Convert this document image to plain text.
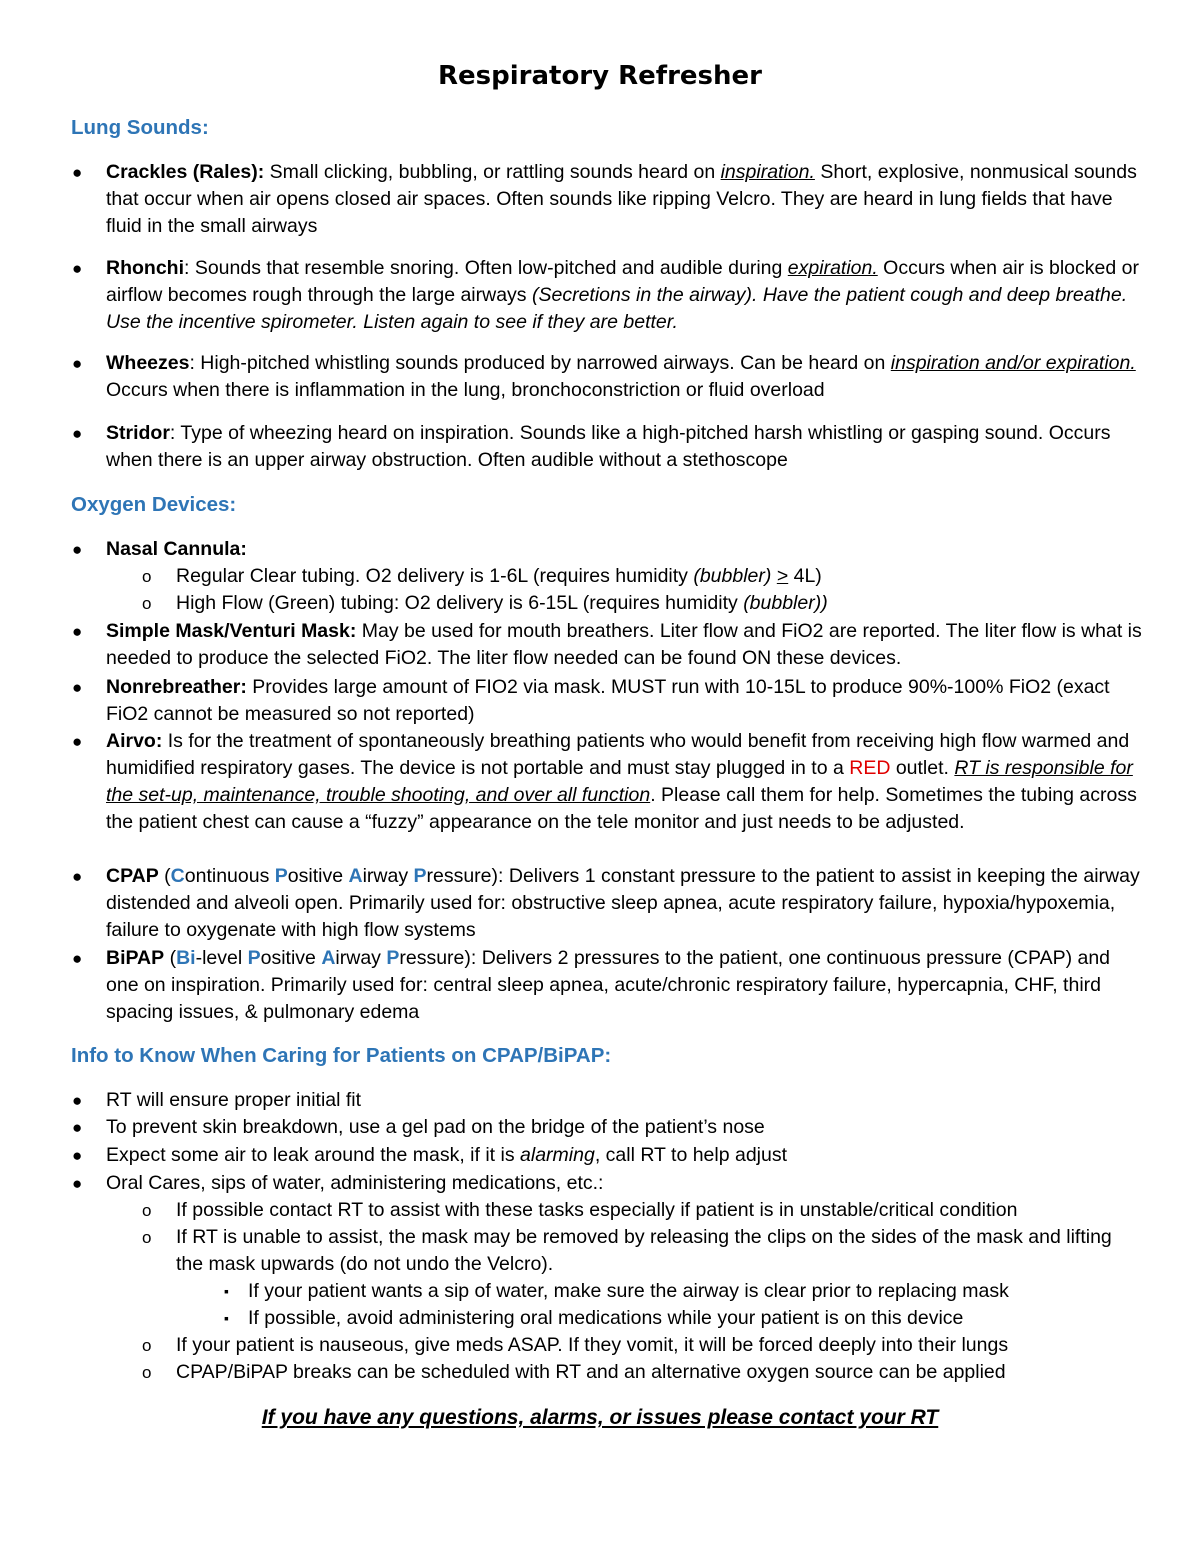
Respiratory Refresher
Lung Sounds:
● Crackles (Rales): Small clicking, bubbling, or rattling sounds heard on inspiration. Short, explosive, nonmusical sounds that occur when air opens closed air spaces. Often sounds like ripping Velcro. They are heard in lung fields that have fluid in the small airways
● Rhonchi: Sounds that resemble snoring. Often low-pitched and audible during expiration. Occurs when air is blocked or airflow becomes rough through the large airways (Secretions in the airway). Have the patient cough and deep breathe. Use the incentive spirometer. Listen again to see if they are better.
● Wheezes: High-pitched whistling sounds produced by narrowed airways. Can be heard on inspiration and/or expiration. Occurs when there is inflammation in the lung, bronchoconstriction or fluid overload
● Stridor: Type of wheezing heard on inspiration. Sounds like a high-pitched harsh whistling or gasping sound. Occurs when there is an upper airway obstruction. Often audible without a stethoscope
Oxygen Devices:
● Nasal Cannula:
o Regular Clear tubing. O2 delivery is 1-6L (requires humidity (bubbler) > 4L)
o High Flow (Green) tubing: O2 delivery is 6-15L (requires humidity (bubbler))
● Simple Mask/Venturi Mask: May be used for mouth breathers. Liter flow and FiO2 are reported. The liter flow is what is needed to produce the selected FiO2. The liter flow needed can be found ON these devices.
● Nonrebreather: Provides large amount of FIO2 via mask. MUST run with 10-15L to produce 90%-100% FiO2 (exact FiO2 cannot be measured so not reported)
● Airvo: Is for the treatment of spontaneously breathing patients who would benefit from receiving high flow warmed and humidified respiratory gases. The device is not portable and must stay plugged in to a RED outlet. RT is responsible for the set-up, maintenance, trouble shooting, and over all function. Please call them for help. Sometimes the tubing across the patient chest can cause a “fuzzy” appearance on the tele monitor and just needs to be adjusted.
● CPAP (Continuous Positive Airway Pressure): Delivers 1 constant pressure to the patient to assist in keeping the airway distended and alveoli open. Primarily used for: obstructive sleep apnea, acute respiratory failure, hypoxia/hypoxemia, failure to oxygenate with high flow systems
● BiPAP (Bi-level Positive Airway Pressure): Delivers 2 pressures to the patient, one continuous pressure (CPAP) and one on inspiration. Primarily used for: central sleep apnea, acute/chronic respiratory failure, hypercapnia, CHF, third spacing issues, & pulmonary edema
Info to Know When Caring for Patients on CPAP/BiPAP:
● RT will ensure proper initial fit
● To prevent skin breakdown, use a gel pad on the bridge of the patient’s nose
● Expect some air to leak around the mask, if it is alarming, call RT to help adjust
● Oral Cares, sips of water, administering medications, etc.:
o If possible contact RT to assist with these tasks especially if patient is in unstable/critical condition
o If RT is unable to assist, the mask may be removed by releasing the clips on the sides of the mask and lifting the mask upwards (do not undo the Velcro).
▪ If your patient wants a sip of water, make sure the airway is clear prior to replacing mask
▪ If possible, avoid administering oral medications while your patient is on this device
o If your patient is nauseous, give meds ASAP. If they vomit, it will be forced deeply into their lungs
o CPAP/BiPAP breaks can be scheduled with RT and an alternative oxygen source can be applied
If you have any questions, alarms, or issues please contact your RT
